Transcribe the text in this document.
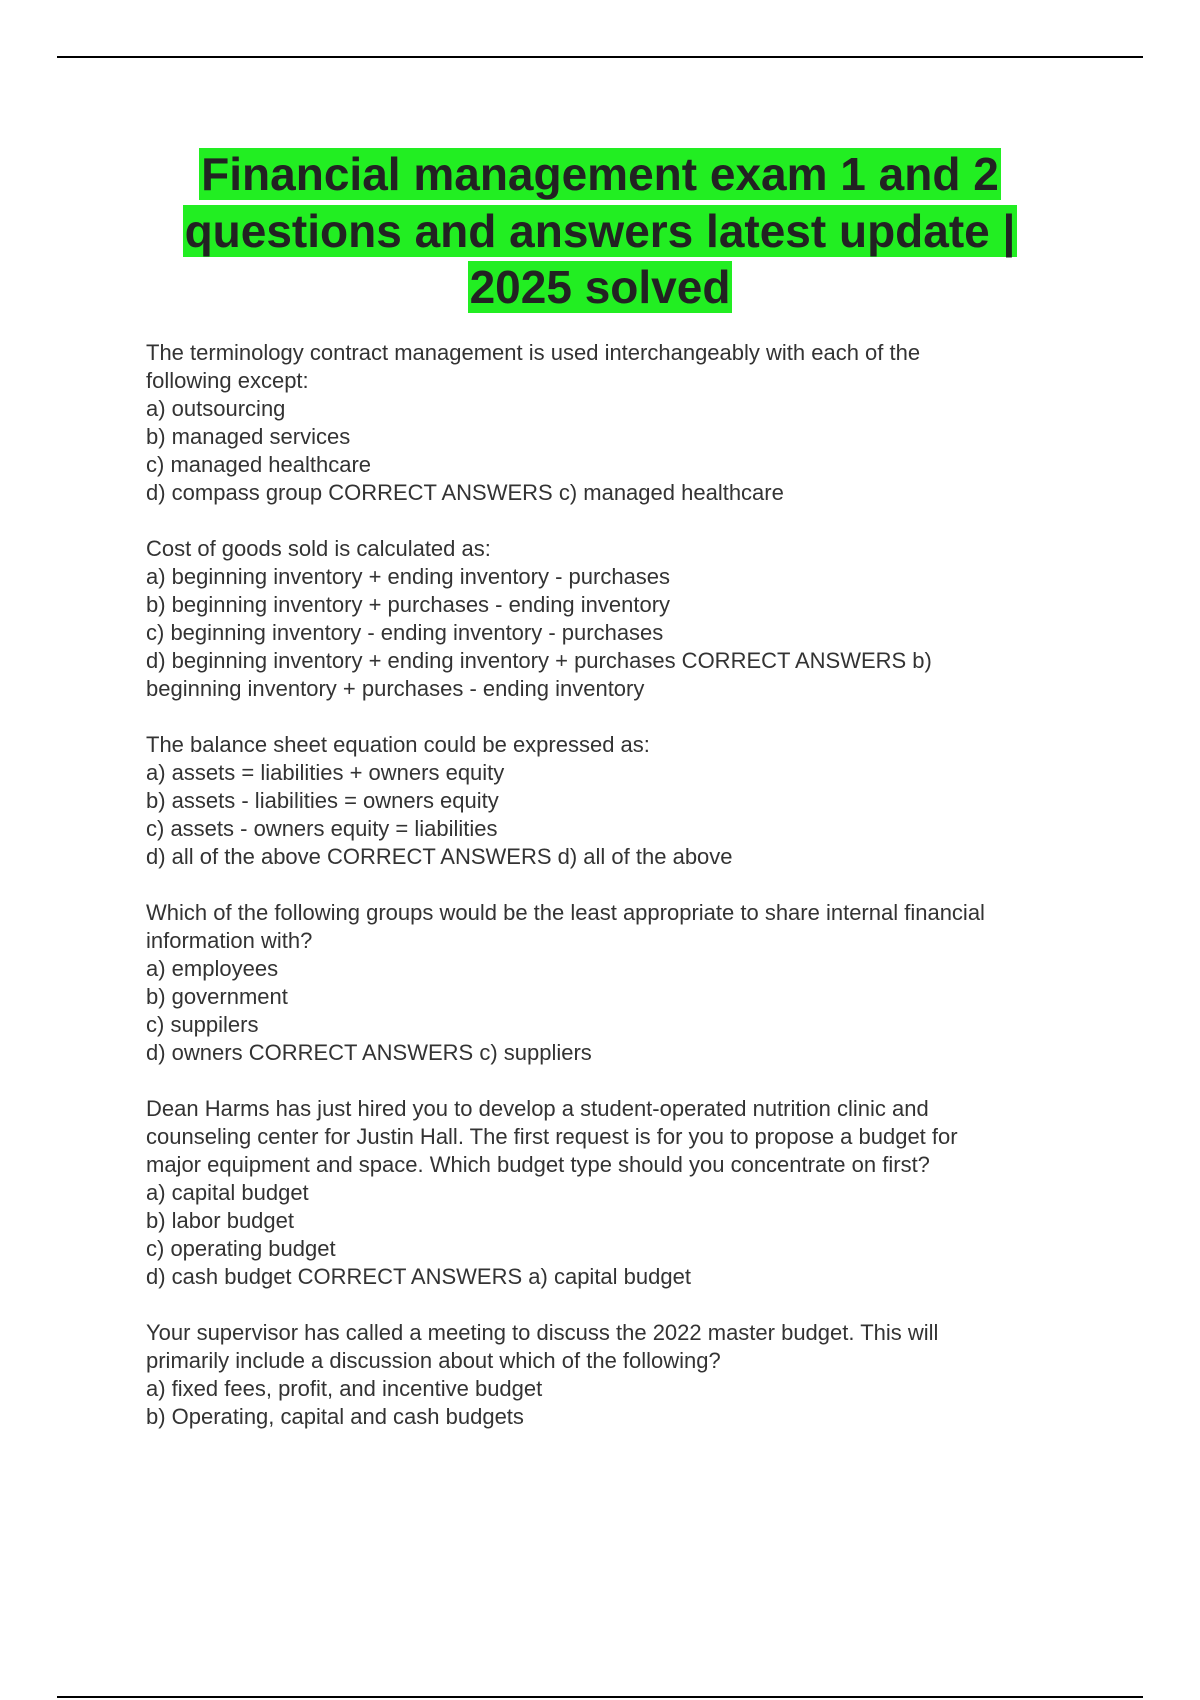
Financial management exam 1 and 2
questions and answers latest update |
2025 solved
The terminology contract management is used interchangeably with each of the
following except:
a) outsourcing
b) managed services
c) managed healthcare
d) compass group CORRECT ANSWERS c) managed healthcare
Cost of goods sold is calculated as:
a) beginning inventory + ending inventory - purchases
b) beginning inventory + purchases - ending inventory
c) beginning inventory - ending inventory - purchases
d) beginning inventory + ending inventory + purchases CORRECT ANSWERS b)
beginning inventory + purchases - ending inventory
The balance sheet equation could be expressed as:
a) assets = liabilities + owners equity
b) assets - liabilities = owners equity
c) assets - owners equity = liabilities
d) all of the above CORRECT ANSWERS d) all of the above
Which of the following groups would be the least appropriate to share internal financial
information with?
a) employees
b) government
c) suppilers
d) owners CORRECT ANSWERS c) suppliers
Dean Harms has just hired you to develop a student-operated nutrition clinic and
counseling center for Justin Hall. The first request is for you to propose a budget for
major equipment and space. Which budget type should you concentrate on first?
a) capital budget
b) labor budget
c) operating budget
d) cash budget CORRECT ANSWERS a) capital budget
Your supervisor has called a meeting to discuss the 2022 master budget. This will
primarily include a discussion about which of the following?
a) fixed fees, profit, and incentive budget
b) Operating, capital and cash budgets
